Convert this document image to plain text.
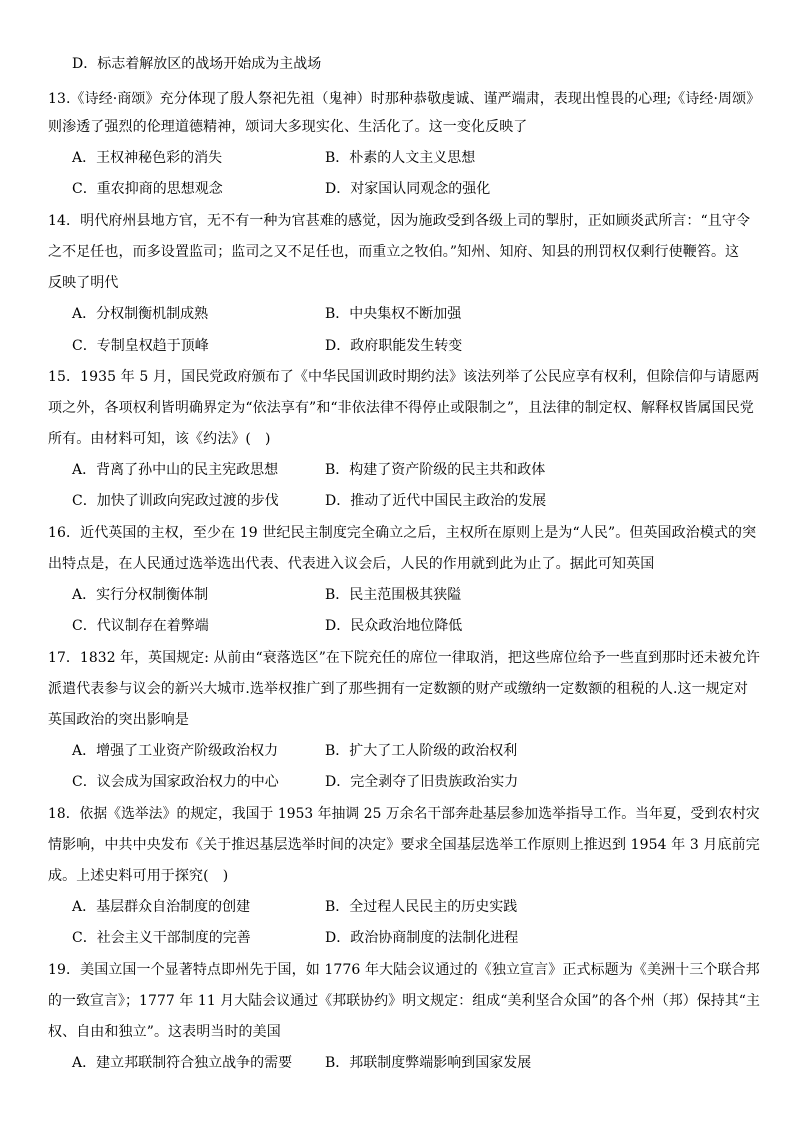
D．标志着解放区的战场开始成为主战场
13.《诗经·商颂》充分体现了殷人祭祀先祖（鬼神）时那种恭敬虔诚、谨严端肃，表现出惶畏的心理;《诗经·周颂》
则渗透了强烈的伦理道德精神，颂词大多现实化、生活化了。这一变化反映了
A．王权神秘色彩的消失	B．朴素的人文主义思想
C．重农抑商的思想观念	D．对家国认同观念的强化
14．明代府州县地方官，无不有一种为官甚难的感觉，因为施政受到各级上司的掣肘，正如顾炎武所言：“且守令
之不足任也，而多设置监司；监司之又不足任也，而重立之牧伯。”知州、知府、知县的刑罚权仅剩行使鞭笞。这
反映了明代
A．分权制衡机制成熟	B．中央集权不断加强
C．专制皇权趋于顶峰	D．政府职能发生转变
15．1935 年 5 月，国民党政府颁布了《中华民国训政时期约法》该法列举了公民应享有权利，但除信仰与请愿两
项之外，各项权利皆明确界定为“依法享有”和“非依法律不得停止或限制之”，且法律的制定权、解释权皆属国民党
所有。由材料可知，该《约法》(　)
A．背离了孙中山的民主宪政思想	B．构建了资产阶级的民主共和政体
C．加快了训政向宪政过渡的步伐	D．推动了近代中国民主政治的发展
16．近代英国的主权，至少在 19 世纪民主制度完全确立之后，主权所在原则上是为“人民”。但英国政治模式的突
出特点是，在人民通过选举选出代表、代表进入议会后，人民的作用就到此为止了。据此可知英国
A．实行分权制衡体制	B．民主范围极其狭隘
C．代议制存在着弊端	D．民众政治地位降低
17．1832 年，英国规定: 从前由“衰落选区”在下院充任的席位一律取消，把这些席位给予一些直到那时还未被允许
派遣代表参与议会的新兴大城市.选举权推广到了那些拥有一定数额的财产或缴纳一定数额的租税的人.这一规定对
英国政治的突出影响是
A．增强了工业资产阶级政治权力	B．扩大了工人阶级的政治权利
C．议会成为国家政治权力的中心	D．完全剥夺了旧贵族政治实力
18．依据《选举法》的规定，我国于 1953 年抽调 25 万余名干部奔赴基层参加选举指导工作。当年夏，受到农村灾
情影响，中共中央发布《关于推迟基层选举时间的决定》要求全国基层选举工作原则上推迟到 1954 年 3 月底前完
成。上述史料可用于探究(　)
A．基层群众自治制度的创建	B．全过程人民民主的历史实践
C．社会主义干部制度的完善	D．政治协商制度的法制化进程
19．美国立国一个显著特点即州先于国，如 1776 年大陆会议通过的《独立宣言》正式标题为《美洲十三个联合邦
的一致宣言》；1777 年 11 月大陆会议通过《邦联协约》明文规定：组成“美利坚合众国”的各个州（邦）保持其“主
权、自由和独立”。这表明当时的美国
A．建立邦联制符合独立战争的需要 B．邦联制度弊端影响到国家发展
